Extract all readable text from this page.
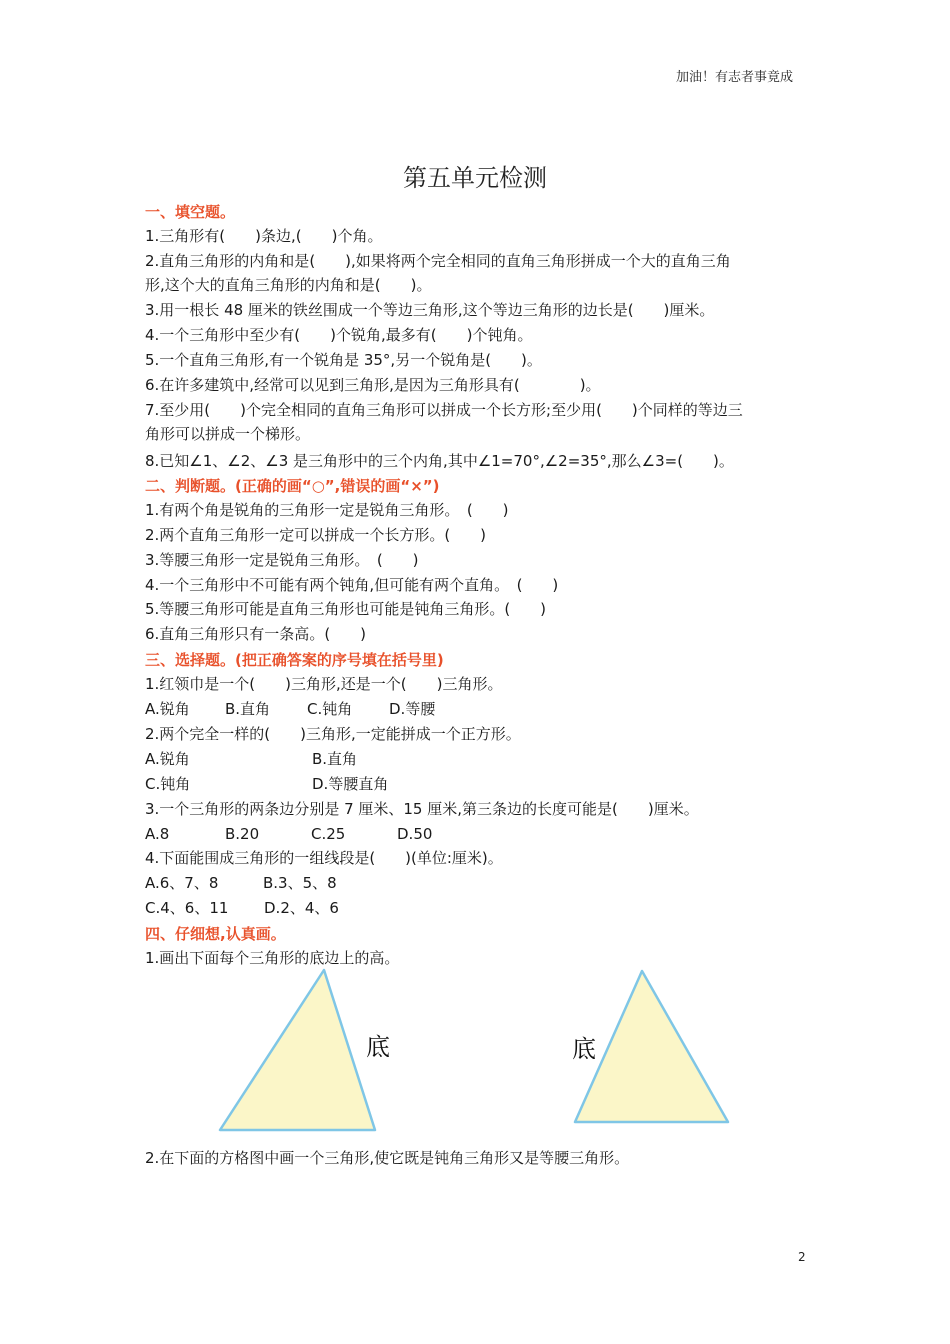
加油！有志者事竟成
第五单元检测
一、填空题。
1.三角形有(　　)条边,(　　)个角。
2.直角三角形的内角和是(　　),如果将两个完全相同的直角三角形拼成一个大的直角三角
形,这个大的直角三角形的内角和是(　　)。
3.用一根长 48 厘米的铁丝围成一个等边三角形,这个等边三角形的边长是(　　)厘米。
4.一个三角形中至少有(　　)个锐角,最多有(　　)个钝角。
5.一个直角三角形,有一个锐角是 35°,另一个锐角是(　　)。
6.在许多建筑中,经常可以见到三角形,是因为三角形具有(　　　　)。
7.至少用(　　)个完全相同的直角三角形可以拼成一个长方形;至少用(　　)个同样的等边三
角形可以拼成一个梯形。
8.已知∠1、∠2、∠3 是三角形中的三个内角,其中∠1=70°,∠2=35°,那么∠3=(　　)。
二、判断题。(正确的画“○”,错误的画“×”)
1.有两个角是锐角的三角形一定是锐角三角形。　(　　)
2.两个直角三角形一定可以拼成一个长方形。(　　)
3.等腰三角形一定是锐角三角形。　(　　)
4.一个三角形中不可能有两个钝角,但可能有两个直角。　(　　)
5.等腰三角形可能是直角三角形也可能是钝角三角形。(　　)
6.直角三角形只有一条高。(　　)
三、选择题。(把正确答案的序号填在括号里)
1.红领巾是一个(　　)三角形,还是一个(　　)三角形。
A.锐角 B.直角 C.钝角 D.等腰
2.两个完全一样的(　　)三角形,一定能拼成一个正方形。
A.锐角	B.直角
C.钝角	D.等腰直角
3.一个三角形的两条边分别是 7 厘米、15 厘米,第三条边的长度可能是(　　)厘米。
A.8	B.20	C.25	D.50
4.下面能围成三角形的一组线段是(　　)(单位:厘米)。
A.6、7、8	B.3、5、8
C.4、6、11 D.2、4、6
四、仔细想,认真画。
1.画出下面每个三角形的底边上的高。
底	底
2.在下面的方格图中画一个三角形,使它既是钝角三角形又是等腰三角形。
2
